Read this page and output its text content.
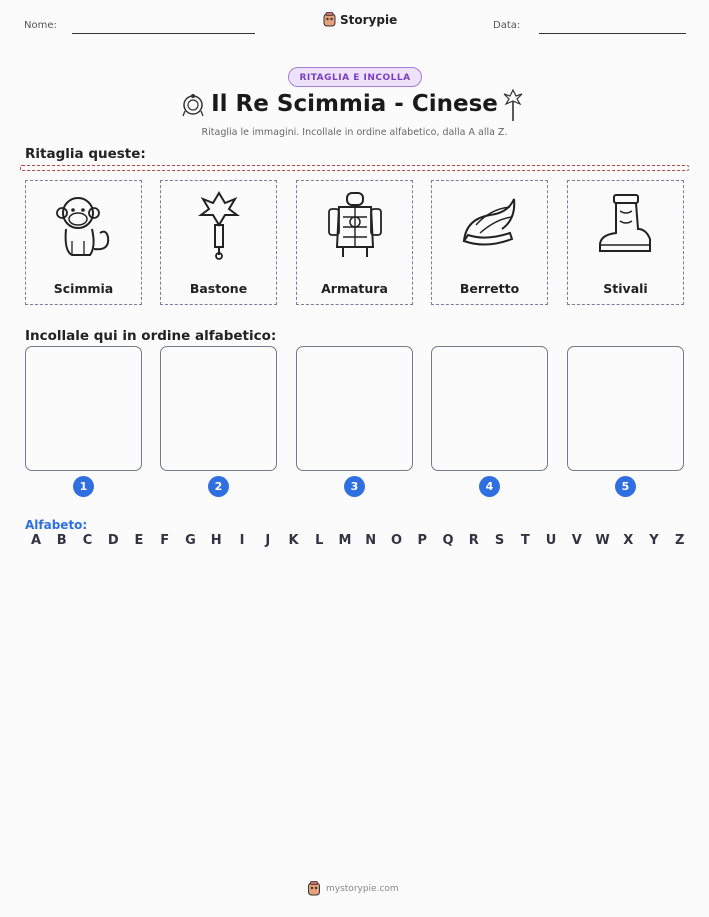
Nome:	Storypie	Data:
RITAGLIA E INCOLLA
Il Re Scimmia - Cinese
Ritaglia le immagini. Incollale in ordine alfabetico, dalla A alla Z.
Ritaglia queste:
Scimmia	Bastone	Armatura	Berretto	Stivali
Incollale qui in ordine alfabetico:
1	2	3	4	5
Alfabeto:
A B C D E F G H	I	J	K L M N O P Q R S T U V W X Y Z
mystorypie.com
